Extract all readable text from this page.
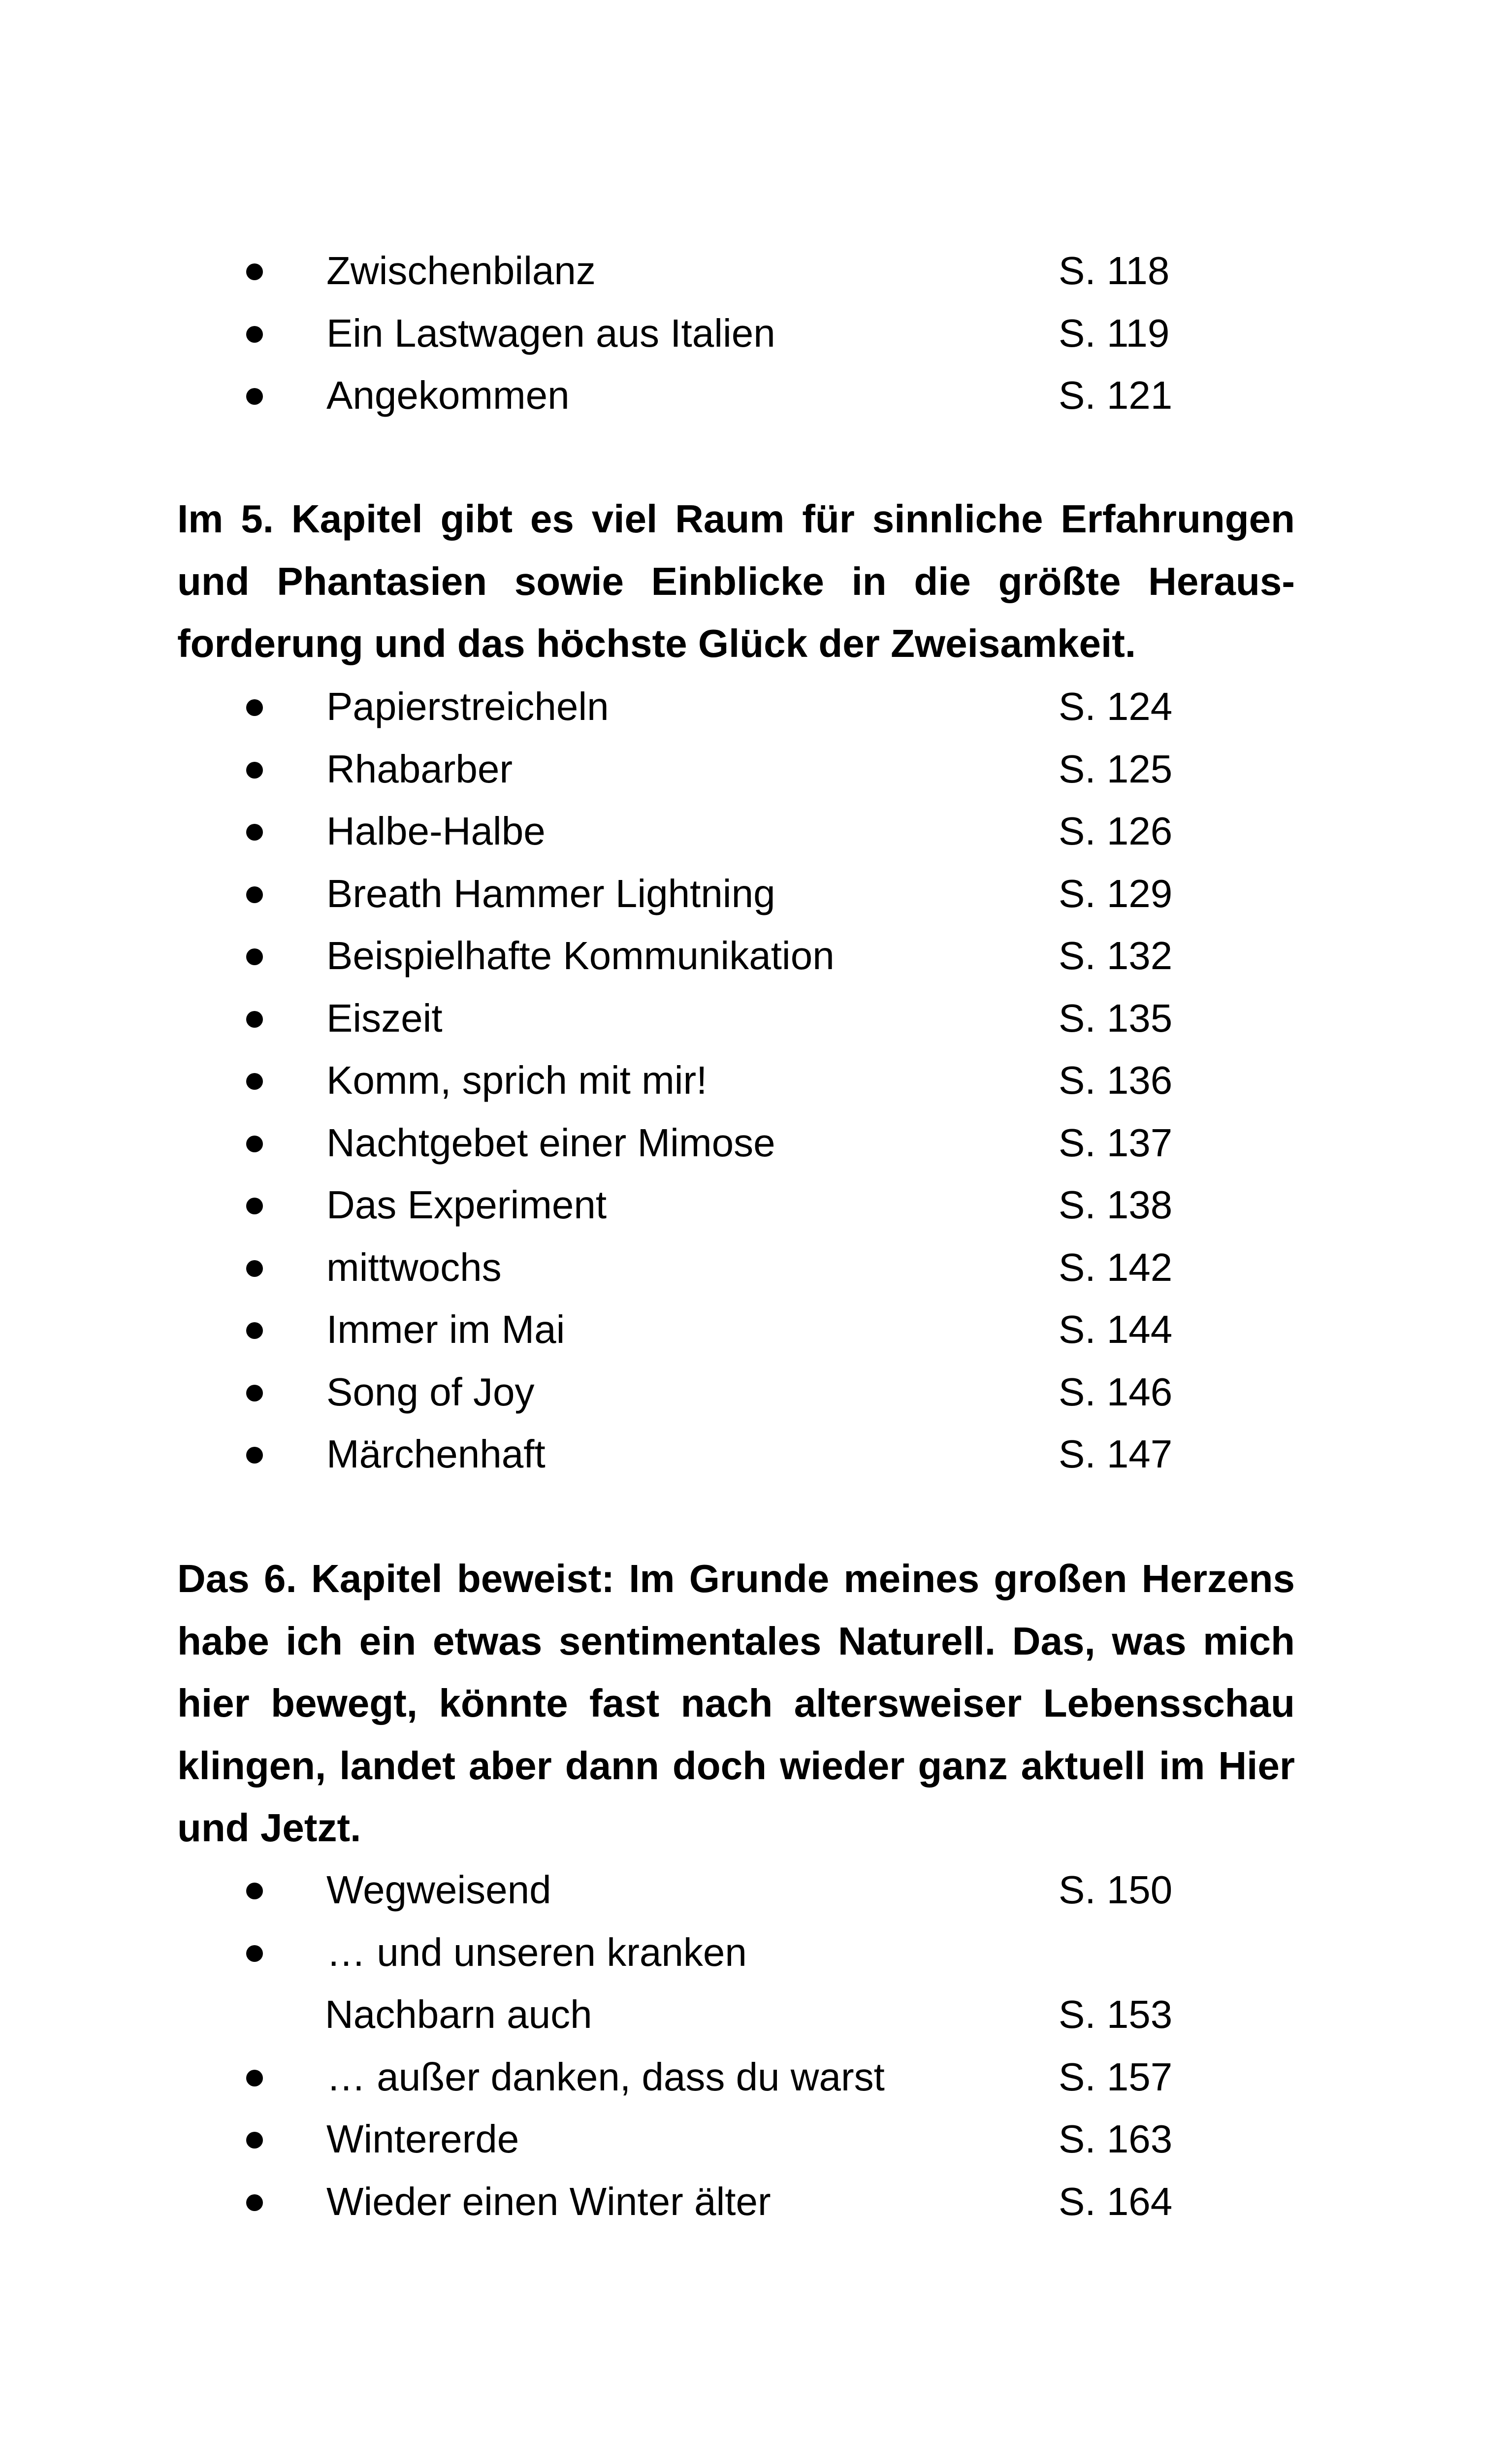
Zwischenbilanz	S. 118
Ein Lastwagen aus Italien	S. 119
Angekommen	S. 121

Im 5. Kapitel gibt es viel Raum für sinnliche Erfahrungen und Phantasien sowie Einblicke in die größte Herausforderung und das höchste Glück der Zweisamkeit.

Papierstreicheln	S. 124
Rhabarber	S. 125
Halbe-Halbe	S. 126
Breath Hammer Lightning	S. 129
Beispielhafte Kommunikation	S. 132
Eiszeit	S. 135
Komm, sprich mit mir!	S. 136
Nachtgebet einer Mimose	S. 137
Das Experiment	S. 138
mittwochs	S. 142
Immer im Mai	S. 144
Song of Joy	S. 146
Märchenhaft	S. 147

Das 6. Kapitel beweist: Im Grunde meines großen Herzens habe ich ein etwas sentimentales Naturell. Das, was mich hier bewegt, könnte fast nach altersweiser Lebensschau klingen, landet aber dann doch wieder ganz aktuell im Hier und Jetzt.

Wegweisend	S. 150
… und unseren kranken
Nachbarn auch	S. 153
… außer danken, dass du warst	S. 157
Wintererde	S. 163
Wieder einen Winter älter	S. 164
